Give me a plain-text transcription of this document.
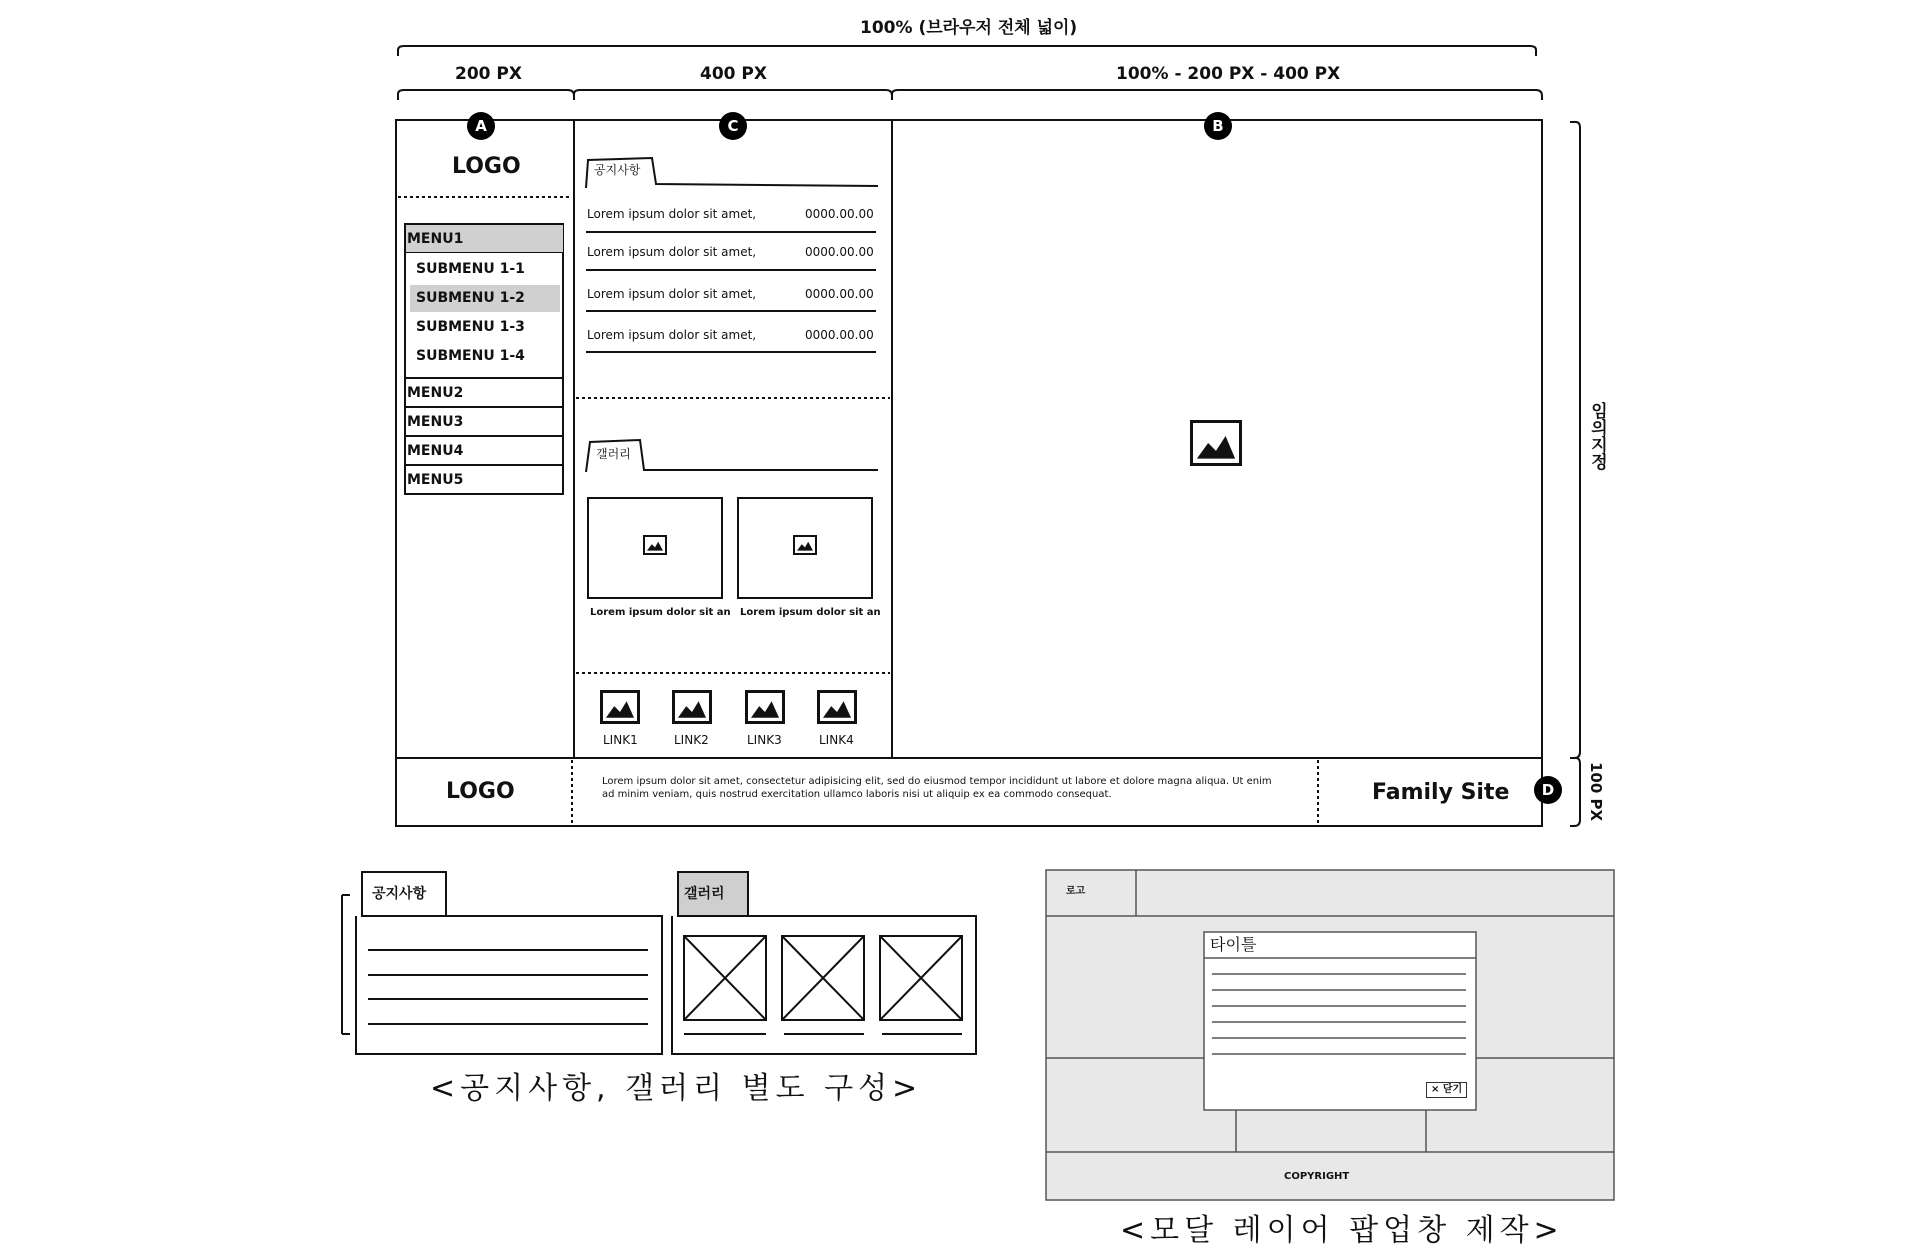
100% (브라우저 전체 넓이)
200 PX	400 PX	100% - 200 PX - 400 PX
임의지정
100 PX
A	C	B
D
LOGO
MENU1
SUBMENU 1-1
SUBMENU 1-2
SUBMENU 1-3
SUBMENU 1-4
MENU2
MENU3
MENU4
MENU5
공지사항
Lorem ipsum dolor sit amet,	0000.00.00
Lorem ipsum dolor sit amet,	0000.00.00
Lorem ipsum dolor sit amet,	0000.00.00
Lorem ipsum dolor sit amet,	0000.00.00
갤러리
Lorem ipsum dolor sit an Lorem ipsum dolor sit an
LINK1	LINK2	LINK3	LINK4
LOGO	Lorem ipsum dolor sit amet, consectetur adipisicing elit, sed do eiusmod tempor incididunt ut labore et dolore magna aliqua. Ut enim ad minim veniam, quis nostrud exercitation ullamco laboris nisi ut aliquip ex ea commodo consequat.	Family Site
공지사항	갤러리
<공지사항, 갤러리 별도 구성>
로고
타이틀
× 닫기
COPYRIGHT
<모달 레이어 팝업창 제작>
